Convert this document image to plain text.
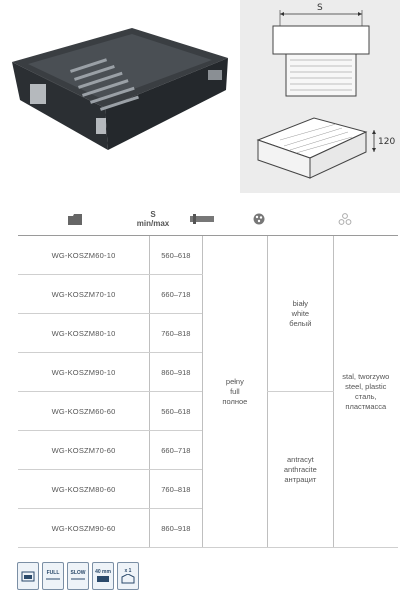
S
120
S
min/max
WG-KOSZM60-10	560–618	pełny
full
полное	biały
white
белый	stal, tworzywo
steel, plastic
сталь, пластмасса

WG-KOSZM70-10	660–718			
WG-KOSZM80-10	760–818			
WG-KOSZM90-10	860–918			
WG-KOSZM60-60	560–618		antracyt
anthracite
антрацит	

WG-KOSZM70-60	660–718			
WG-KOSZM80-60	760–818			
WG-KOSZM90-60	860–918			
FULL SLOW 40 mm	x 1
